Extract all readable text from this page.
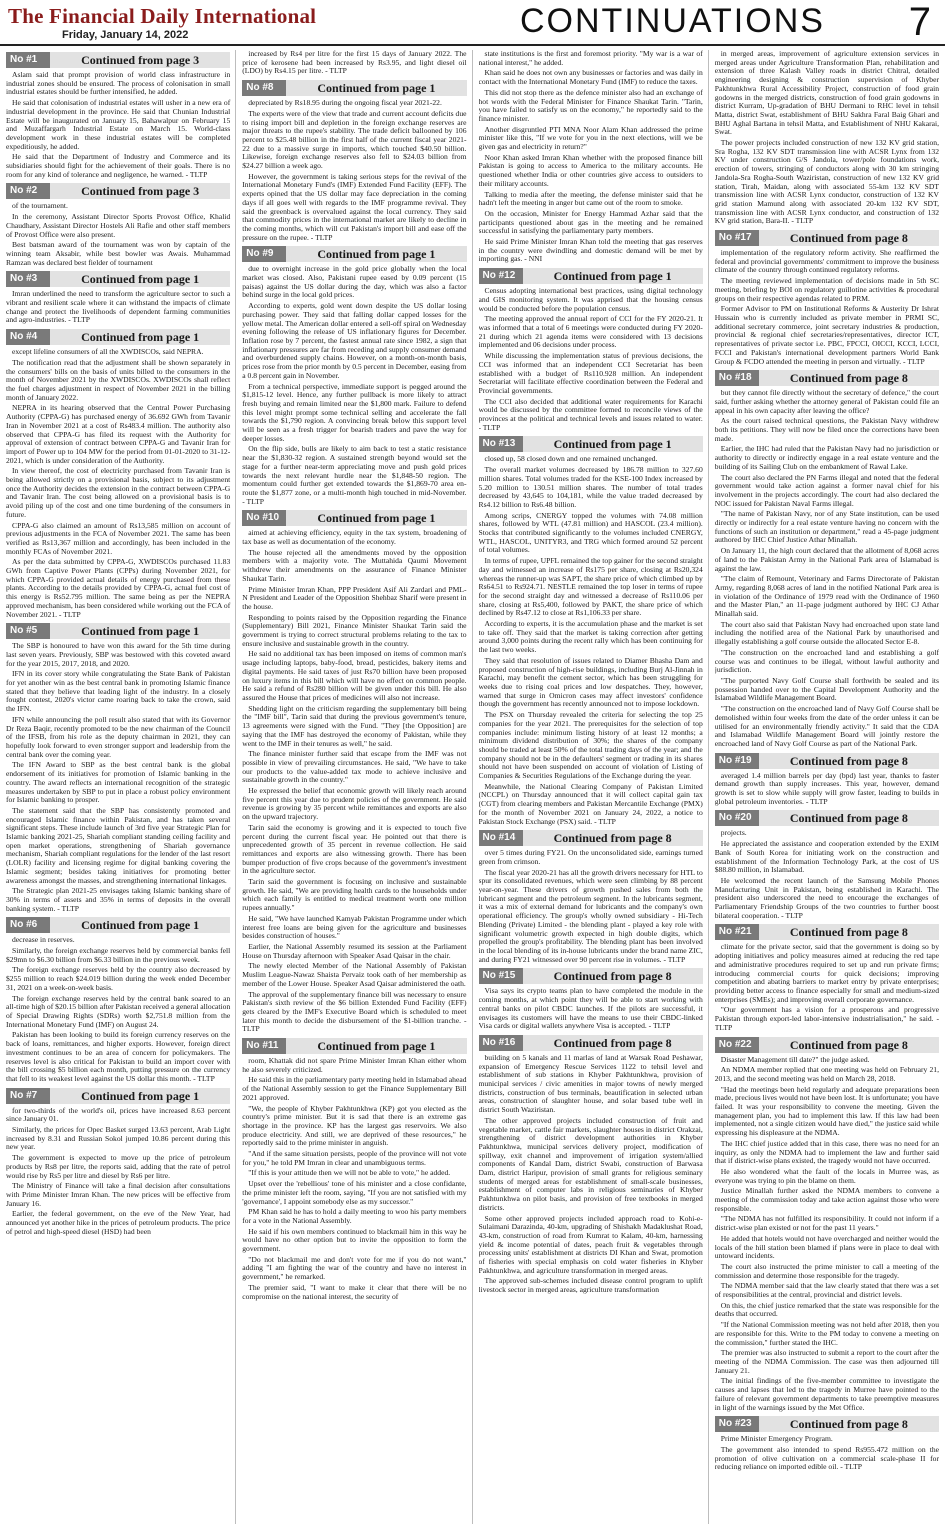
The Financial Daily International
Friday, January 14, 2022	CONTINUATIONS 7
No #1	Continued from page 3

Aslam said that prompt provision of world class infrastructure in industrial zones should be ensured. The process of colonisation in small industrial estates should be further intensified, he added.

He said that colonisation of industrial estates will usher in a new era of industrial development in the province. He said that Chunian Industrial Estate will be inaugurated on January 15, Bahawalpur on February 15 and Muzaffargarh Industrial Estate on March 15. World-class development work in these industrial estates will be completed expeditiously, he added.

He said that the Department of Industry and Commerce and its subsidiaries should fight for the achievement of their goals. There is no room for any kind of tolerance and negligence, he warned. - TLTP

No #2	Continued from page 3

of the tournament.

In the ceremony, Assistant Director Sports Provost Office, Khalid Chaudhary, Assistant Director Hostels Ali Rafie and other staff members of Provost Office were also present.

Best batsman award of the tournament was won by captain of the winning team Aksabir, while best bowler was Awais. Muhammad Ramzan was declared best fielder of tournament

No #3	Continued from page 1

Imran underlined the need to transform the agriculture sector to such a vibrant and resilient scale where it can withstand the impacts of climate change and protect the livelihoods of dependent farming communities and agro-industries. - TLTP

No #4	Continued from page 1

except lifeline consumers of all the XWDISCOs, said NEPRA.

The notification read that the adjustment shall be shown separately in the consumers' bills on the basis of units billed to the consumers in the month of November 2021 by the XWDISCOs. XWDISCOs shall reflect the fuel charges adjustment in respect of November 2021 in the billing month of January 2022.

NEPRA in its hearing observed that the Central Power Purchasing Authority (CPPA-G) has purchased energy of 36.692 GWh from Tavanir Iran in November 2021 at a cost of Rs483.4 million. The authority also observed that CPPA-G has filed its request with the Authority for approval of extension of contract between CPPA-G and Tavanir Iran for import of Power up to 104 MW for the period from 01-01-2020 to 31-12-2021, which is under consideration of the Authority.

In view thereof, the cost of electricity purchased from Tavanir Iran is being allowed strictly on a provisional basis, subject to its adjustment once the Authority decides the extension in the contract between CPPA-G and Tavanir Iran. The cost being allowed on a provisional basis is to avoid piling up of the cost and one time burdening of the consumers in future.

CPPA-G also claimed an amount of Rs13,585 million on account of previous adjustments in the FCA of November 2021. The same has been verified as Rs13,367 million and accordingly, has been included in the monthly FCAs of November 2021.

As per the data submitted by CPPA-G, XWDISCOs purchased 11.83 GWh from Captive Power Plants (CPPs) during November 2021, for which CPPA-G provided actual details of energy purchased from these plants. According to the details provided by CPPA-G, actual fuel cost of this energy is Rs52.795 million. The same being as per the NEPRA approved mechanism, has been considered while working out the FCA of November 2021. - TLTP

No #5	Continued from page 1

The SBP is honoured to have won this award for the 5th time during last seven years. Previously, SBP was bestowed with this coveted award for the year 2015, 2017, 2018, and 2020.

IFN in its cover story while congratulating the State Bank of Pakistan for yet another win as the best central bank in promoting Islamic finance stated that they believe that leading light of the industry. In a closely fought contest, 2020's victor came roaring back to take the crown, said the IFN.

IFN while announcing the poll result also stated that with its Governor Dr Reza Baqir, recently promoted to be the new chairman of the Council of the IFSB, from his role as the deputy chairman in 2021, they can hopefully look forward to even stronger support and leadership from the central bank over the coming year.

The IFN Award to SBP as the best central bank is the global endorsement of its initiatives for promotion of Islamic banking in the country. The award reflects an international recognition of the strategic measures undertaken by SBP to put in place a robust policy environment for Islamic banking to prosper.

The statement said that the SBP has consistently promoted and encouraged Islamic finance within Pakistan, and has taken several significant steps. These include launch of 3rd five year Strategic Plan for Islamic banking 2021-25, Shariah compliant standing ceiling facility and open market operations, strengthening of Shariah governance mechanism, Shariah compliant regulations for the lender of the last resort (LOLR) facility and licensing regime for digital banking covering the Islamic segment; besides taking initiatives for promoting better awareness amongst the masses, and strengthening international linkages.

The Strategic plan 2021-25 envisages taking Islamic banking share of 30% in terms of assets and 35% in terms of deposits in the overall banking system. - TLTP

No #6	Continued from page 1

decrease in reserves.

Similarly, the foreign exchange reserves held by commercial banks fell $29mn to $6.30 billion from $6.33 billion in the previous week.

The foreign exchange reserves held by the country also decreased by $255 million to reach $24.019 billion during the week ended December 31, 2021 on a week-on-week basis.

The foreign exchange reserves held by the central bank soared to an all-time high of $20.15 billion after Pakistan received a general allocation of Special Drawing Rights (SDRs) worth $2,751.8 million from the International Monetary Fund (IMF) on August 24.

Pakistan has been looking to build its foreign currency reserves on the back of loans, remittances, and higher exports. However, foreign direct investment continues to be an area of concern for policymakers. The reserves level is also critical for Pakistan to build an import cover with the bill crossing $5 billion each month, putting pressure on the currency that fell to its weakest level against the US dollar this month. - TLTP

No #7	Continued from page 1

for two-thirds of the world's oil, prices have increased 8.63 percent since January 01.

Similarly, the prices for Opec Basket surged 13.63 percent, Arab Light increased by 8.31 and Russian Sokol jumped 10.86 percent during this new year.

The government is expected to move up the price of petroleum products by Rs8 per litre, the reports said, adding that the rate of petrol would rise by Rs5 per litre and diesel by Rs6 per litre.

The Ministry of Finance will take a final decision after consultations with Prime Minister Imran Khan. The new prices will be effective from January 16.

Earlier, the federal government, on the eve of the New Year, had announced yet another hike in the prices of petroleum products. The price of petrol and high-speed diesel (HSD) had been

increased by Rs4 per litre for the first 15 days of January 2022. The price of kerosene had been increased by Rs3.95, and light diesel oil (LDO) by Rs4.15 per litre. - TLTP

No #8	Continued from page 1

depreciated by Rs18.95 during the ongoing fiscal year 2021-22.

The experts were of the view that trade and current account deficits due to rising import bill and depletion in the foreign exchange reserves are major threats to the rupee's stability. The trade deficit ballooned by 106 percent to $25.48 billion in the first half of the current fiscal year 2021-22 due to a massive surge in imports, which touched $40.50 billion. Likewise, foreign exchange reserves also fell to $24.03 billion from $24.27 billion a week ago.

However, the government is taking serious steps for the revival of the International Monetary Fund's (IMF) Extended Fund Facility (EFF). The experts opined that the US dollar may face depreciation in the coming days if all goes well with regards to the IMF programme revival. They said the greenback is overvalued against the local currency. They said that commodity prices in the international market are likely to decline in the coming months, which will cut Pakistan's import bill and ease off the pressure on the rupee. - TLTP

No #9	Continued from page 1

due to overnight increase in the gold price globally when the local market was closed. Also, Pakistani rupee eased by 0.09 percent (15 paisas) against the US dollar during the day, which was also a factor behind surge in the local gold prices.

According to experts, gold went down despite the US dollar losing purchasing power. They said that falling dollar capped losses for the yellow metal. The American dollar entered a sell-off spiral on Wednesday evening following the release of US inflationary figures for December. Inflation rose by 7 percent, the fastest annual rate since 1982, a sign that inflationary pressures are far from receding and supply consumer demand and overburdened supply chains. However, on a month-on-month basis, prices rose from the prior month by 0.5 percent in December, easing from a 0.8 percent gain in November.

From a technical perspective, immediate support is pegged around the $1,815-12 level. Hence, any further pullback is more likely to attract fresh buying and remain limited near the $1,800 mark. Failure to defend this level might prompt some technical selling and accelerate the fall towards the $1,790 region. A convincing break below this support level will be seen as a fresh trigger for bearish traders and pave the way for deeper losses.

On the flip side, bulls are likely to aim back to test a static resistance near the $1,830-32 region. A sustained strength beyond would set the stage for a further near-term appreciating move and push gold prices towards the next relevant hurdle near the $1,848-50 region. The momentum could further get extended towards the $1,869-70 area en-route the $1,877 zone, or a multi-month high touched in mid-November. - TLTP

No #10	Continued from page 1

aimed at achieving efficiency, equity in the tax system, broadening of tax base as well as documentation of the economy.

The house rejected all the amendments moved by the opposition members with a majority vote. The Muttahida Qaumi Movement withdrew their amendments on the assurance of Finance Minister Shaukat Tarin.

Prime Minister Imran Khan, PPP President Asif Ali Zardari and PML-N President and Leader of the Opposition Shehbaz Sharif were present in the house.

Responding to points raised by the Opposition regarding the Finance (Supplementary) Bill 2021, Finance Minister Shaukat Tarin said the government is trying to correct structural problems relating to the tax to ensure inclusive and sustainable growth in the country.

He said no additional tax has been imposed on items of common man's usage including laptops, baby-food, bread, pesticides, bakery items and digital payments. He said taxes of just Rs70 billion have been proposed on luxury items in this bill which will have no effect on common people. He said a refund of Rs280 billion will be given under this bill. He also assured the House that prices of medicines will also not increase.

Shedding light on the criticism regarding the supplementary bill being the "IMF bill", Tarin said that during the previous government's tenure, 13 agreements were signed with the Fund. "They [the Opposition] are saying that the IMF has destroyed the economy of Pakistan, while they went to the IMF in their tenures as well," he said.

The finance minister further said that escape from the IMF was not possible in view of prevailing circumstances. He said, "We have to take our products to the value-added tax mode to achieve inclusive and sustainable growth in the country."

He expressed the belief that economic growth will likely reach around five percent this year due to prudent policies of the government. He said revenue is growing by 35 percent while remittances and exports are also on the upward trajectory.

Tarin said the economy is growing and it is expected to touch five percent during the current fiscal year. He pointed out that there is unprecedented growth of 35 percent in revenue collection. He said remittances and exports are also witnessing growth. There has been bumper production of five crops because of the government's investment in the agriculture sector.

Tarin said the government is focusing on inclusive and sustainable growth. He said, "We are providing health cards to the households under which each family is entitled to medical treatment worth one million rupees annually."

He said, "We have launched Kamyab Pakistan Programme under which interest free loans are being given for the agriculture and businesses besides construction of houses."

Earlier, the National Assembly resumed its session at the Parliament House on Thursday afternoon with Speaker Asad Qaisar in the chair.

The newly elected Member of the National Assembly of Pakistan Muslim League-Nawaz Shaista Pervaiz took oath of her membership as member of the Lower House. Speaker Asad Qaisar administered the oath.

The approval of the supplementary finance bill was necessary to ensure Pakistan's sixth review of the $6 billion Extended Fund Facility (EFF) gets cleared by the IMF's Executive Board which is scheduled to meet later this month to decide the disbursement of the $1-billion tranche. - TLTP

No #11	Continued from page 1

room, Khattak did not spare Prime Minister Imran Khan either whom he also severely criticized.

He said this in the parliamentary party meeting held in Islamabad ahead of the National Assembly session to get the Finance Supplementary Bill 2021 approved.

"We, the people of Khyber Pakhtunkhwa (KP) got you elected as the country's prime minister. But it is sad that there is an extreme gas shortage in the province. KP has the largest gas reservoirs. We also produce electricity. And still, we are deprived of these resources," he reportedly said to the prime minister in anguish.

"And if the same situation persists, people of the province will not vote for you," he told PM Imran in clear and unambiguous terms.

"If this is your attitude then we will not be able to vote," he added.

Upset over the 'rebellious' tone of his minister and a close confidante, the prime minister left the room, saying, "If you are not satisfied with my 'governance', I appoint somebody else as my successor."

PM Khan said he has to hold a daily meeting to woo his party members for a vote in the National Assembly.

He said if his own members continued to blackmail him in this way he would have no other option but to invite the opposition to form the government.

"Do not blackmail me and don't vote for me if you do not want," adding "I am fighting the war of the country and have no interest in government," he remarked.

The premier said, "I want to make it clear that there will be no compromise on the national interest, the security of

state institutions is the first and foremost priority. "My war is a war of national interest," he added.

Khan said he does not own any businesses or factories and was daily in contact with the International Monetary Fund (IMF) to reduce the taxes.

This did not stop there as the defence minister also had an exchange of hot words with the Federal Minister for Finance Shaukat Tarin. "Tarin, you have failed to satisfy us on the economy," he reportedly said to the finance minister.

Another disgruntled PTI MNA Noor Alam Khan addressed the prime minister like this, "If we vote for you in the next elections, will we be given gas and electricity in return?"

Noor Khan asked Imran Khan whether with the proposed finance bill Pakistan is going to access to America to the military accounts. He questioned whether India or other countries give access to outsiders to their military accounts.

Talking to media after the meeting, the defense minister said that he hadn't left the meeting in anger but came out of the room to smoke.

On the occasion, Minister for Energy Hammad Azhar said that the participants questioned about gas in the meeting and he remained successful in satisfying the parliamentary party members.

He said Prime Minister Imran Khan told the meeting that gas reserves in the country were dwindling and domestic demand will be met by importing gas. - NNI

No #12	Continued from page 1

Census adopting international best practices, using digital technology and GIS monitoring system. It was apprised that the housing census would be conducted before the population census.

The meeting approved the annual report of CCI for the FY 2020-21. It was informed that a total of 6 meetings were conducted during FY 2020-21 during which 21 agenda items were considered with 13 decisions implemented and 06 decisions under process.

While discussing the implementation status of previous decisions, the CCI was informed that an independent CCI Secretariat has been established with a budget of Rs110.928 million. An independent Secretariat will facilitate effective coordination between the Federal and Provincial governments.

The CCI also decided that additional water requirements for Karachi would be discussed by the committee formed to reconcile views of the provinces at the political and technical levels and issues related to water. - TLTP

No #13	Continued from page 1

closed up, 58 closed down and one remained unchanged.

The overall market volumes decreased by 186.78 million to 327.60 million shares. Total volumes traded for the KSE-100 Index increased by 5.20 million to 130.51 million shares. The number of total trades decreased by 43,645 to 104,181, while the value traded decreased by Rs4.12 billion to Rs6.48 billion.

Among scrips, CNERGY topped the volumes with 74.08 million shares, followed by WTL (47.81 million) and HASCOL (23.4 million). Stocks that contributed significantly to the volumes included CNERGY, WTL, HASCOL, UNITYR3, and TRG which formed around 52 percent of total volumes.

In terms of rupee, UPFL remained the top gainer for the second straight day and witnessed an increase of Rs175 per share, closing at Rs20,324 whereas the runner-up was SAPT, the share price of which climbed up by Rs64.51 to Rs924.71. NESTLE remained the top loser in terms of rupee for the second straight day and witnessed a decrease of Rs110.06 per share, closing at Rs5,400, followed by PAKT, the share price of which declined by Rs47.12 to close at Rs1,106.33 per share.

According to experts, it is the accumulation phase and the market is set to take off. They said that the market is taking correction after getting around 3,000 points during the recent rally which has been continuing for the last two weeks.

They said that resolution of issues related to Diamer Bhasha Dam and proposed construction of high-rise buildings, including Burj Al-Jinnah in Karachi, may benefit the cement sector, which has been struggling for weeks due to rising coal prices and low despatches. They, however, warned that surge in Omicron cases may affect investors' confidence though the government has recently announced not to impose lockdown.

The PSX on Thursday revealed the criteria for selecting the top 25 companies for the year 2021. The prerequisites for the selection of top companies include: minimum listing history of at least 12 months; a minimum dividend distribution of 30%; the shares of the company should be traded at least 50% of the total trading days of the year; and the company should not be in the defaulters' segment or trading in its shares should not have been suspended on account of violation of Listing of Companies & Securities Regulations of the Exchange during the year.

Meanwhile, the National Clearing Company of Pakistan Limited (NCCPL) on Thursday announced that it will collect capital gain tax (CGT) from clearing members and Pakistan Mercantile Exchange (PMX) for the month of November 2021 on January 24, 2022, a notice to Pakistan Stock Exchange (PSX) said. - TLTP

No #14	Continued from page 8

over 5 times during FY21. On the unconsolidated side, earnings turned green from crimson.

The fiscal year 2020-21 has all the growth drivers necessary for HTL to spur its consolidated revenues, which were seen climbing by 88 percent year-on-year. These drivers of growth pushed sales from both the lubricant segment and the petroleum segment. In the lubricants segment, it was a mix of external demand for lubricants and the company's own operational efficiency. The group's wholly owned subsidiary - Hi-Tech Blending (Private) Limited - the blending plant - played a key role with significant volumetric growth expected in high double digits, which propelled the group's profitability. The blending plant has been involved in the local blending of its in-house lubricants under the brand name ZIC, and during FY21 witnessed over 90 percent rise in volumes. - TLTP

No #15	Continued from page 8

Visa says its crypto teams plan to have completed the module in the coming months, at which point they will be able to start working with central banks on pilot CBDC launches. If the pilots are successful, it envisages its customers will have the means to use their CBDC-linked Visa cards or digital wallets anywhere Visa is accepted. - TLTP

No #16	Continued from page 8

building on 5 kanals and 11 marlas of land at Warsak Road Peshawar, expansion of Emergency Rescue Services 1122 to tehsil level and establishment of sub stations in Khyber Pakhtunkhwa, provision of municipal services / civic amenities in major towns of newly merged districts, construction of bus terminals, beautification in selected urban areas, construction of slaughter house, and solar based tube well in district South Waziristan.

The other approved projects included construction of fruit and vegetable market, cattle fair markets, slaughter houses in district Orakzai, strengthening of district development authorities in Khyber Pakhtunkhwa, municipal services delivery project, modification of spillway, exit channel and improvement of irrigation system/allied components of Kandal Dam, district Swabi, construction of Barwasa Dam, district Haripur, provision of small grants for religious seminary students of merged areas for establishment of small-scale businesses, establishment of computer labs in religious seminaries of Khyber Pakhtunkhwa on pilot basis, and provision of free textbooks in merged districts.

Some other approved projects included approach road to Kohi-e-Sulaimani Darazinda, 40-km, upgrading of Shishakh Madaklushat Road, 43-km, construction of road from Kumrat to Kalam, 40-km, harnessing yield & income potential of dates, peach fruit & vegetables through processing units' establishment at districts DI Khan and Swat, promotion of fisheries with special emphasis on cold water fisheries in Khyber Pakhtunkhwa, and agriculture transformation in merged areas.

The approved sub-schemes included disease control program to uplift livestock sector in merged areas, agriculture transformation

in merged areas, improvement of agriculture extension services in merged areas under Agriculture Transformation Plan, rehabilitation and extension of three Kalash Valley roads in district Chitral, detailed engineering designing & construction supervision of Khyber Pakhtunkhwa Rural Accessibility Project, construction of food grain godowns in the merged districts, construction of food grain godowns in district Kurram, Up-gradation of BHU Dermani to RHC level in tehsil Matta, district Swat, establishment of BHU Sakhra Faral Baig Ghari and BHU Aghal Bartana in tehsil Matta, and Establishment of NHU Kakarai, Swat.

The power projects included construction of new 132 KV grid station, Sra Rogha, 132 KV SDT transmission line with ACSR Lynx from 132 KV under construction G/S Jandola, tower/pole foundations work, erection of towers, stringing of conductors along with 30 km stringing Jandola-Sra Rogha-South Waziristan, construction of new 132 KV grid station, Tirah, Maidan, along with associated 55-km 132 KV SDT transmission line with ACSR Lynx conductor, construction of 132 KV grid station Mamund along with associated 20-km 132 KV SDT, transmission line with ACSR Lynx conductor, and construction of 132 KV grid station, Bara-II. - TLTP

No #17	Continued from page 8

implementation of the regulatory reform activity. She reaffirmed the federal and provincial governments' commitment to improve the business climate of the country through continued regulatory reforms.

The meeting reviewed implementation of decisions made in 5th SC meeting, briefing by BOI on regulatory guillotine activities & procedural groups on their respective agendas related to PRM.

Former Advisor to PM on Institutional Reforms & Austerity Dr Ishrat Hussain who is currently included as private member in PRMI SC, additional secretary commerce, joint secretary industries & production, provincial & regional chief secretaries/representatives, director ICT, representatives of private sector i.e. PBC, FPCCI, OICCI, KCCI, LCCI, FCCI and Pakistan's international development partners World Bank Group & FCDO attended the meeting in person and virtually. - TLTP

No #18	Continued from page 8

but they cannot file directly without the secretary of defence," the court said, further asking whether the attorney general of Pakistan could file an appeal in his own capacity after leaving the office?

As the court raised technical questions, the Pakistan Navy withdrew both its petitions. They will now be filed once the corrections have been made.

Earlier, the IHC had ruled that the Pakistan Navy had no jurisdiction or authority to directly or indirectly engage in a real estate venture and the building of its Sailing Club on the embankment of Rawal Lake.

The court also declared the PN Farms illegal and noted that the federal government would take action against a former naval chief for his involvement in the projects accordingly. The court had also declared the NOC issued for Pakistan Naval Farms illegal.

"The name of Pakistan Navy, nor of any State institution, can be used directly or indirectly for a real estate venture having no concern with the functions of such an institution or department," read a 45-page judgment authored by IHC Chief Justice Athar Minallah.

On January 11, the high court declared that the allotment of 8,068 acres of land to the Pakistan Army in the National Park area of Islamabad is against the law.

"The claim of Remount, Veterinary and Farms Directorate of Pakistan Army, regarding 8,068 acres of land in the notified National Park area is in violation of the Ordinance of 1979 read with the Ordinance of 1960 and the Master Plan," an 11-page judgment authored by IHC CJ Athar Minallah said.

The court also said that Pakistan Navy had encroached upon state land including the notified area of the National Park by unauthorised and illegally establishing a golf course outside the allocated Sector E-8.

"The construction on the encroached land and establishing a golf course was and continues to be illegal, without lawful authority and jurisdiction.

"The purported Navy Golf Course shall forthwith be sealed and its possession handed over to the Capital Development Authority and the Islamabad Wildlife Management Board.

"The construction on the encroached land of Navy Golf Course shall be demolished within four weeks from the date of the order unless it can be utilised for an environmentally friendly activity." It said that the CDA and Islamabad Wildlife Management Board will jointly restore the encroached land of Navy Golf Course as part of the National Park.

No #19	Continued from page 8

averaged 1.4 million barrels per day (bpd) last year, thanks to faster demand growth than supply increases. This year, however, demand growth is set to slow while supply will grow faster, leading to builds in global petroleum inventories. - TLTP

No #20	Continued from page 8

projects.

He appreciated the assistance and cooperation extended by the EXIM Bank of South Korea for initiating work on the construction and establishment of the Information Technology Park, at the cost of US $88.80 million, in Islamabad.

He welcomed the recent launch of the Samsung Mobile Phones Manufacturing Unit in Pakistan, being established in Karachi. The president also underscored the need to encourage the exchanges of Parliamentary Friendship Groups of the two countries to further boost bilateral cooperation. - TLTP

No #21	Continued from page 8

climate for the private sector, said that the government is doing so by adopting initiatives and policy measures aimed at reducing the red tape and administrative procedures required to set up and run private firms; introducing commercial courts for quick decisions; improving competition and abating barriers to market entry by private enterprises; providing better access to finance especially for small and medium-sized enterprises (SMEs); and improving overall corporate governance.

"Our government has a vision for a prosperous and progressive Pakistan through export-led labor-intensive industrialisation," he said. - TLTP

No #22	Continued from page 8

Disaster Management till date?" the judge asked.

An NDMA member replied that one meeting was held on February 21, 2013, and the second meeting was held on March 28, 2018.

"Had the meetings been held regularly and adequate preparations been made, precious lives would not have been lost. It is unfortunate; you have failed. It was your responsibility to convene the meeting. Given the management plan, you had to implement this law. If this law had been implemented, not a single citizen would have died," the justice said while expressing his displeasure at the NDMA.

The IHC chief justice added that in this case, there was no need for an inquiry, as only the NDMA had to implement the law and further said that if district-wise plans existed, the tragedy would not have occurred.

He also wondered what the fault of the locals in Murree was, as everyone was trying to pin the blame on them.

Justice Minallah further asked the NDMA members to convene a meeting of the commission today and take action against those who were responsible.

"The NDMA has not fulfilled its responsibility. It could not inform if a district-wise plan existed or not for the past 11 years."

He added that hotels would not have overcharged and neither would the locals of the hill station been blamed if plans were in place to deal with untoward incidents.

The court also instructed the prime minister to call a meeting of the commission and determine those responsible for the tragedy.

The NDMA member said that the law clearly stated that there was a set of responsibilities at the central, provincial and district levels.

On this, the chief justice remarked that the state was responsible for the deaths that occurred.

"If the National Commission meeting was not held after 2018, then you are responsible for this. Write to the PM today to convene a meeting on the commission," further stated the IHC.

The premier was also instructed to submit a report to the court after the meeting of the NDMA Commission. The case was then adjourned till January 21.

The initial findings of the five-member committee to investigate the causes and lapses that led to the tragedy in Murree have pointed to the failure of relevant government departments to take preemptive measures in light of the warnings issued by the Met Office.

No #23	Continued from page 8

Prime Minister Emergency Program.

The government also intended to spend Rs955.472 million on the promotion of olive cultivation on a commercial scale-phase II for reducing reliance on imported edible oil. - TLTP
